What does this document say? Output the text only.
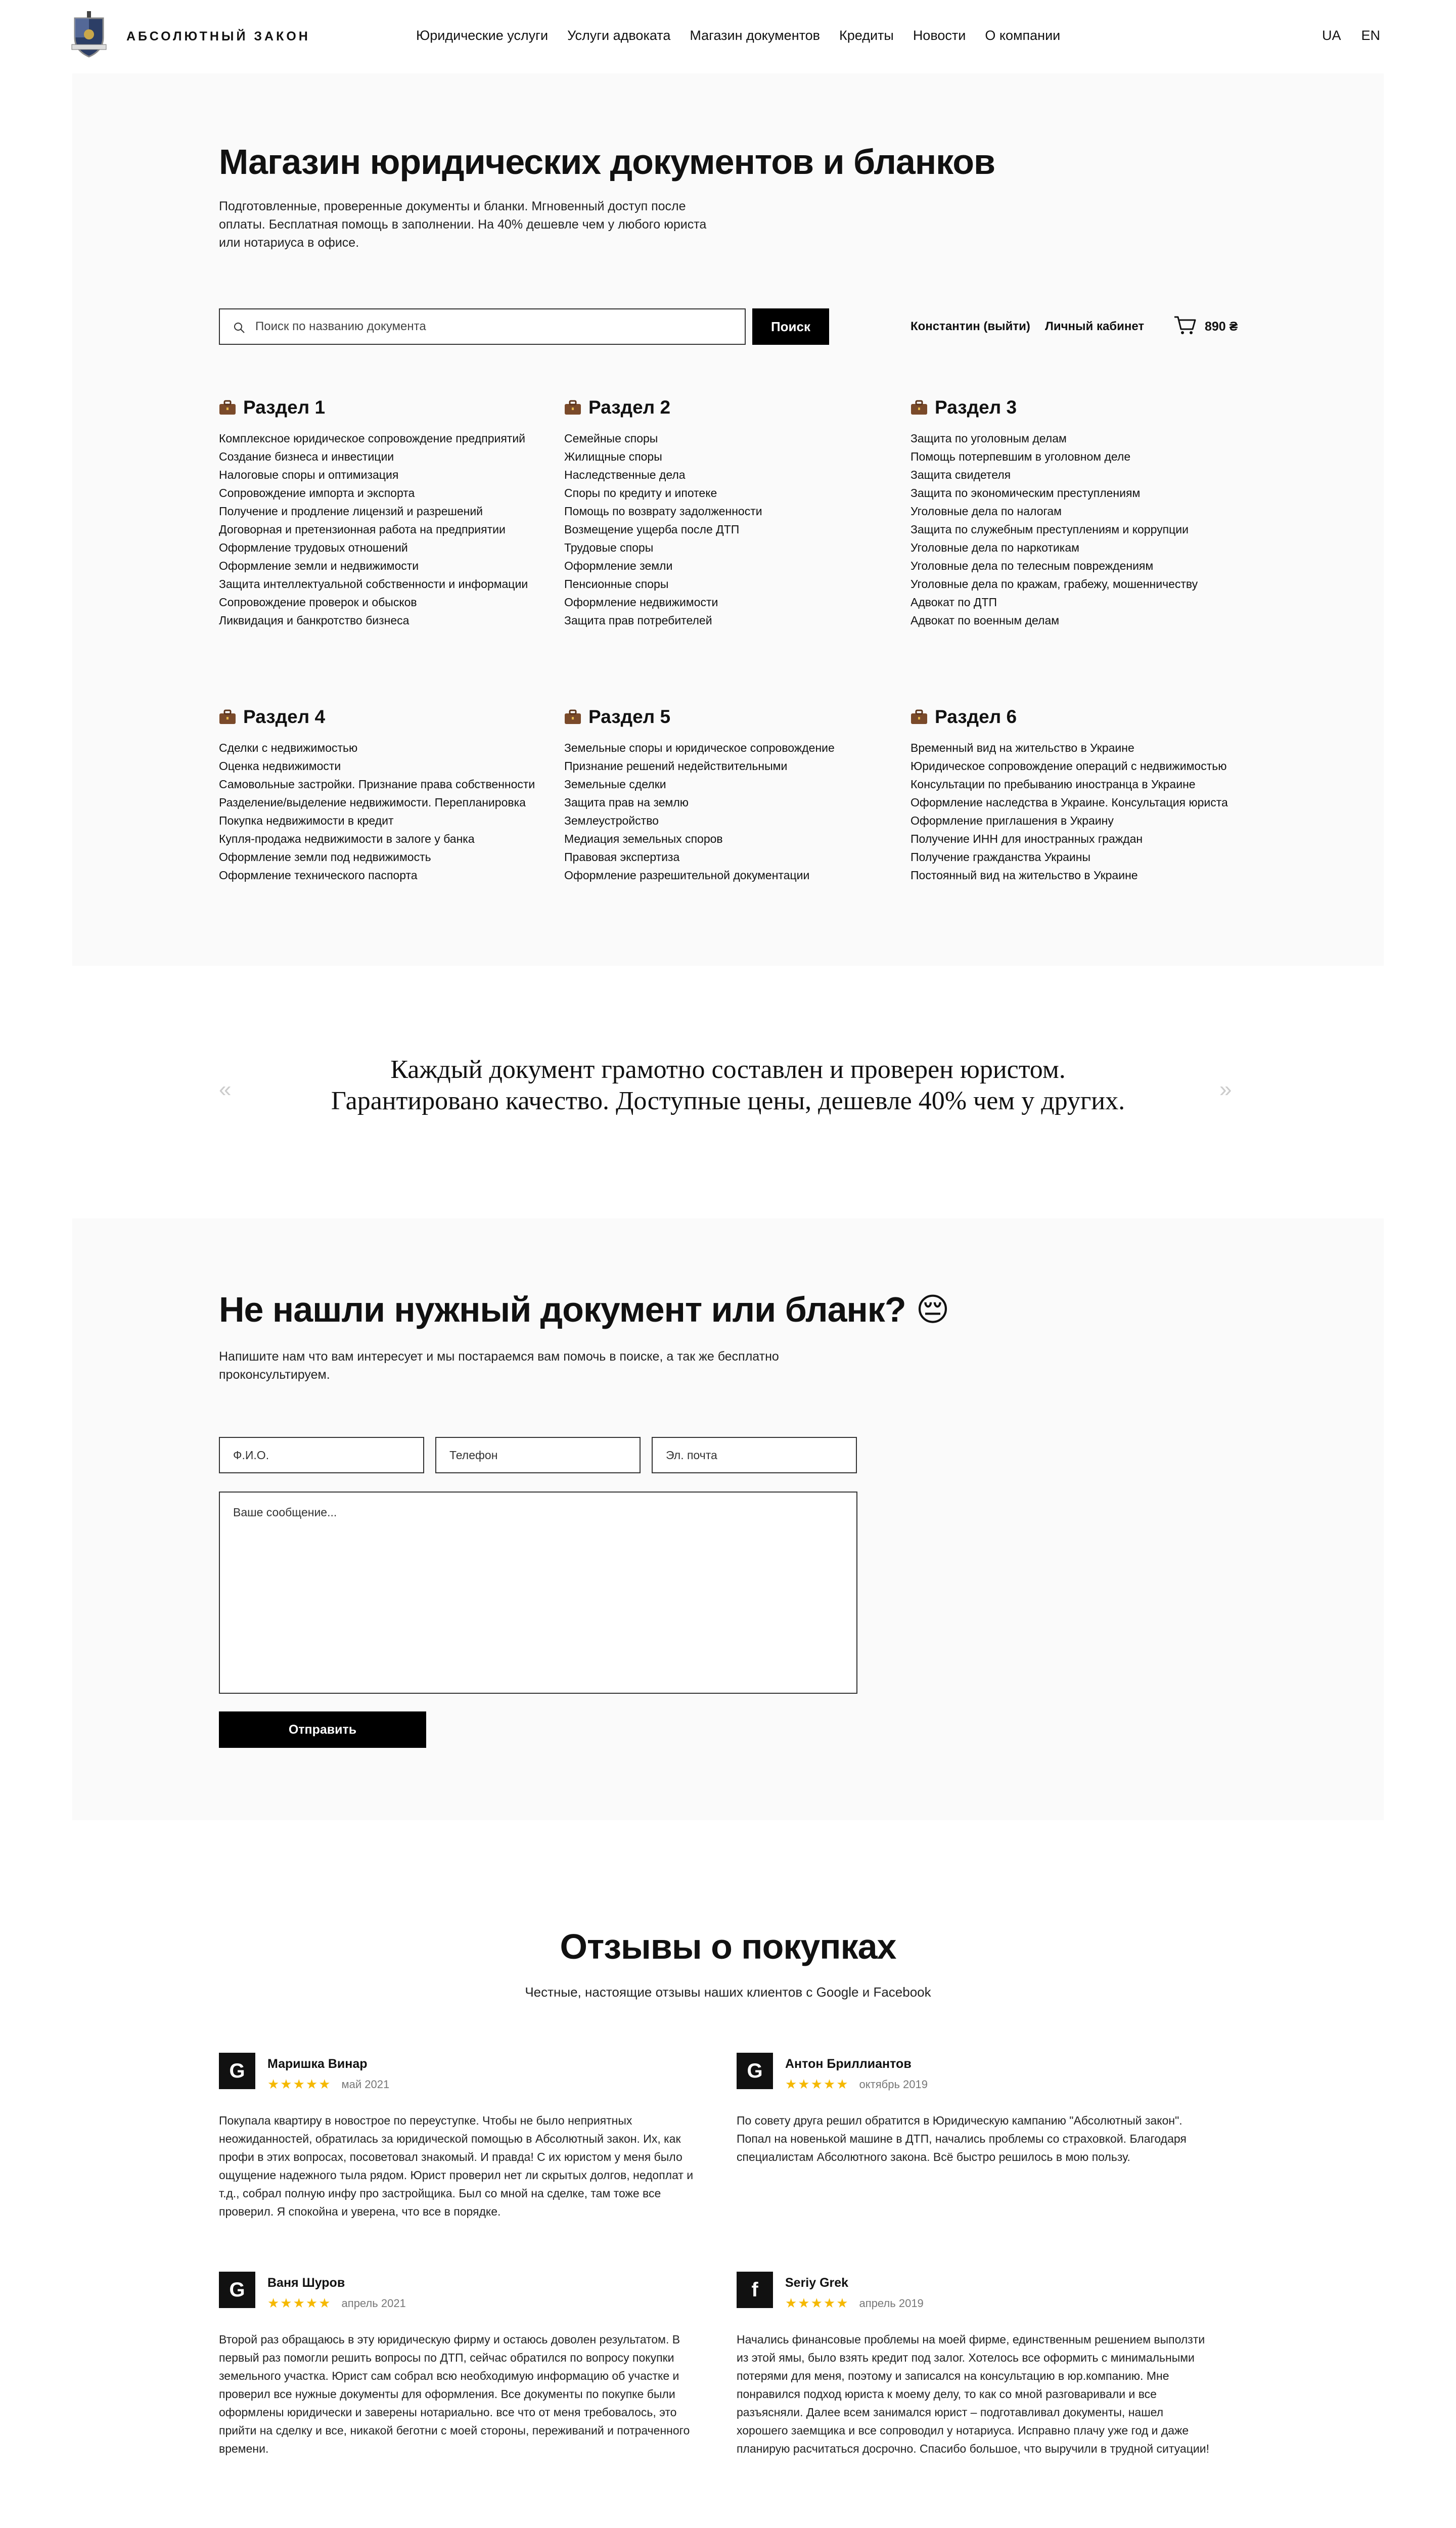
АБСОЛЮТНЫЙ ЗАКОН	Юридические услуги Услуги адвоката Магазин документов Кредиты Новости О компании	UA EN
Магазин юридических документов и бланков

Подготовленные, проверенные документы и бланки. Мгновенный доступ после оплаты. Бесплатная помощь в заполнении. На 40% дешевле чем у любого юриста или нотариуса в офисе.

Поиск по названию документа
Поиск	Константин (выйти) Личный кабинет	890 ₴
Раздел 1
Комплексное юридическое сопровождение предприятий
Создание бизнеса и инвестиции
Налоговые споры и оптимизация
Сопровождение импорта и экспорта
Получение и продление лицензий и разрешений
Договорная и претензионная работа на предприятии
Оформление трудовых отношений
Оформление земли и недвижимости
Защита интеллектуальной собственности и информации
Сопровождение проверок и обысков
Ликвидация и банкротство бизнеса
Раздел 2
Семейные споры
Жилищные споры
Наследственные дела
Споры по кредиту и ипотеке
Помощь по возврату задолженности
Возмещение ущерба после ДТП
Трудовые споры
Оформление земли
Пенсионные споры
Оформление недвижимости
Защита прав потребителей
Раздел 3
Защита по уголовным делам
Помощь потерпевшим в уголовном деле
Защита свидетеля
Защита по экономическим преступлениям
Уголовные дела по налогам
Защита по служебным преступлениям и коррупции
Уголовные дела по наркотикам
Уголовные дела по телесным повреждениям
Уголовные дела по кражам, грабежу, мошенничеству
Адвокат по ДТП
Адвокат по военным делам
Раздел 4
Сделки с недвижимостью
Оценка недвижимости
Самовольные застройки. Признание права собственности
Разделение/выделение недвижимости. Перепланировка
Покупка недвижимости в кредит
Купля-продажа недвижимости в залоге у банка
Оформление земли под недвижимость
Оформление технического паспорта
Раздел 5
Земельные споры и юридическое сопровождение
Признание решений недействительными
Земельные сделки
Защита прав на землю
Землеустройство
Медиация земельных споров
Правовая экспертиза
Оформление разрешительной документации
Раздел 6
Временный вид на жительство в Украине
Юридическое сопровождение операций с недвижимостью
Консультации по пребыванию иностранца в Украине
Оформление наследства в Украине. Консультация юриста
Оформление приглашения в Украину
Получение ИНН для иностранных граждан
Получение гражданства Украины
Постоянный вид на жительство в Украине
«
Каждый документ грамотно составлен и проверен юристом.
Гарантировано качество. Доступные цены, дешевле 40% чем у других.	»
Не нашли нужный документ или бланк? 😔

Напишите нам что вам интересует и мы постараемся вам помочь в поиске, а так же бесплатно проконсультируем.

Ф.И.О.
Телефон
Эл. почта
Ваше сообщение...
Отправить
Отзывы о покупках

Честные, настоящие отзывы наших клиентов с Google и Facebook

G	Маришка Винар
★★★★★ май 2021

Покупала квартиру в новострое по переуступке. Чтобы не было неприятных неожиданностей, обратилась за юридической помощью в Абсолютный закон. Их, как профи в этих вопросах, посоветовал знакомый. И правда! С их юристом у меня было ощущение надежного тыла рядом. Юрист проверил нет ли скрытых долгов, недоплат и т.д., собрал полную инфу про застройщика. Был со мной на сделке, там тоже все проверил. Я спокойна и уверена, что все в порядке.

G	Антон Бриллиантов
★★★★★ октябрь 2019

По совету друга решил обратится в Юридическую кампанию "Абсолютный закон". Попал на новенькой машине в ДТП, начались проблемы со страховкой. Благодаря специалистам Абсолютного закона. Всё быстро решилось в мою пользу.

G	Ваня Шуров
★★★★★ апрель 2021

Второй раз обращаюсь в эту юридическую фирму и остаюсь доволен результатом. В первый раз помогли решить вопросы по ДТП, сейчас обратился по вопросу покупки земельного участка. Юрист сам собрал всю необходимую информацию об участке и проверил все нужные документы для оформления. Все документы по покупке были оформлены юридически и заверены нотариально. все что от меня требовалось, это прийти на сделку и все, никакой беготни с моей стороны, переживаний и потраченного времени.

f	Seriy Grek
★★★★★ апрель 2019

Начались финансовые проблемы на моей фирме, единственным решением выползти из этой ямы, было взять кредит под залог. Хотелось все оформить с минимальными потерями для меня, поэтому и записался на консультацию в юр.компанию. Мне понравился подход юриста к моему делу, то как со мной разговаривали и все разъясняли. Далее всем занимался юрист – подготавливал документы, нашел хорошего заемщика и все сопроводил у нотариуса. Исправно плачу уже год и даже планирую расчитаться досрочно. Спасибо большое, что выручили в трудной ситуации!
